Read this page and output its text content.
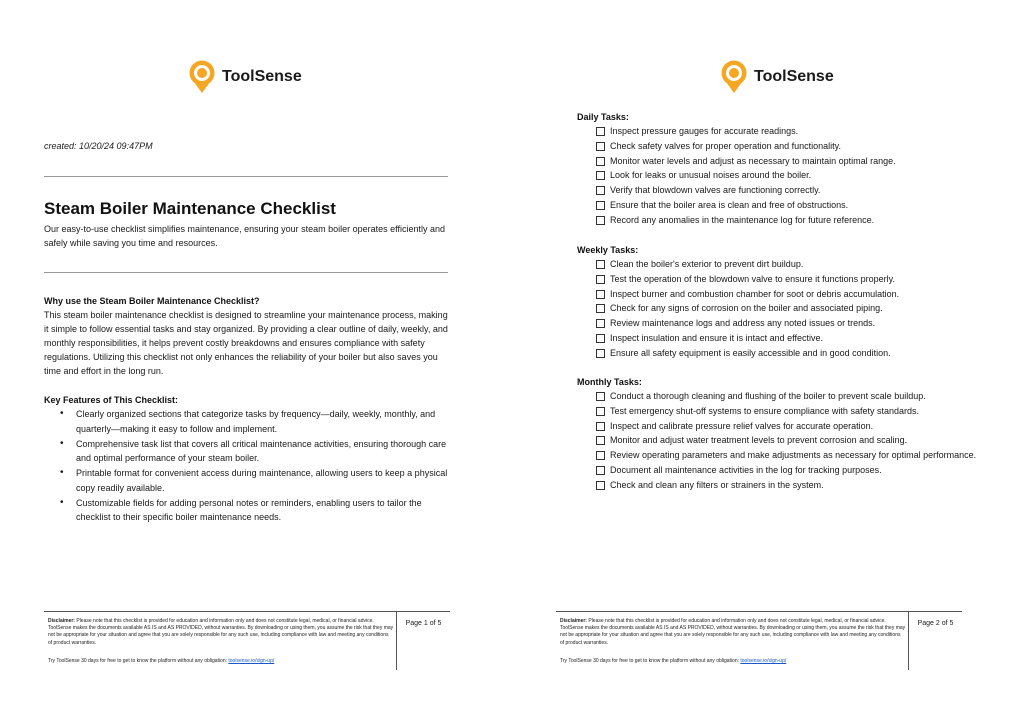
ToolSense
created: 10/20/24 09:47PM
Steam Boiler Maintenance Checklist

Our easy-to-use checklist simplifies maintenance, ensuring your steam boiler operates efficiently and safely while saving you time and resources.

Why use the Steam Boiler Maintenance Checklist?

This steam boiler maintenance checklist is designed to streamline your maintenance process, making it simple to follow essential tasks and stay organized. By providing a clear outline of daily, weekly, and monthly responsibilities, it helps prevent costly breakdowns and ensures compliance with safety regulations. Utilizing this checklist not only enhances the reliability of your boiler but also saves you time and effort in the long run.

Key Features of This Checklist:
• Clearly organized sections that categorize tasks by frequency—daily, weekly, monthly, and quarterly—making it easy to follow and implement.
• Comprehensive task list that covers all critical maintenance activities, ensuring thorough care and optimal performance of your steam boiler.
• Printable format for convenient access during maintenance, allowing users to keep a physical copy readily available.
• Customizable fields for adding personal notes or reminders, enabling users to tailor the checklist to their specific boiler maintenance needs.
Disclaimer: Please note that this checklist is provided for education and information only and does not constitute legal, medical, or financial advice. ToolSense makes the documents available AS IS and AS PROVIDED, without warranties. By downloading or using them, you assume the risk that they may not be appropriate for your situation and agree that you are solely responsible for any such use, including compliance with law and meeting any conditions of product warranties.
Try ToolSense 30 days for free to get to know the platform without any obligation: toolsense.io/sign-up/
Page 1 of 5
ToolSense
Daily Tasks:
Inspect pressure gauges for accurate readings.
Check safety valves for proper operation and functionality.
Monitor water levels and adjust as necessary to maintain optimal range.
Look for leaks or unusual noises around the boiler.
Verify that blowdown valves are functioning correctly.
Ensure that the boiler area is clean and free of obstructions.
Record any anomalies in the maintenance log for future reference.
Weekly Tasks:
Clean the boiler's exterior to prevent dirt buildup.
Test the operation of the blowdown valve to ensure it functions properly.
Inspect burner and combustion chamber for soot or debris accumulation.
Check for any signs of corrosion on the boiler and associated piping.
Review maintenance logs and address any noted issues or trends.
Inspect insulation and ensure it is intact and effective.
Ensure all safety equipment is easily accessible and in good condition.
Monthly Tasks:
Conduct a thorough cleaning and flushing of the boiler to prevent scale buildup.
Test emergency shut-off systems to ensure compliance with safety standards.
Inspect and calibrate pressure relief valves for accurate operation.
Monitor and adjust water treatment levels to prevent corrosion and scaling.
Review operating parameters and make adjustments as necessary for optimal performance.
Document all maintenance activities in the log for tracking purposes.
Check and clean any filters or strainers in the system.
Disclaimer: Please note that this checklist is provided for education and information only and does not constitute legal, medical, or financial advice. ToolSense makes the documents available AS IS and AS PROVIDED, without warranties. By downloading or using them, you assume the risk that they may not be appropriate for your situation and agree that you are solely responsible for any such use, including compliance with law and meeting any conditions of product warranties.
Try ToolSense 30 days for free to get to know the platform without any obligation: toolsense.io/sign-up/
Page 2 of 5
